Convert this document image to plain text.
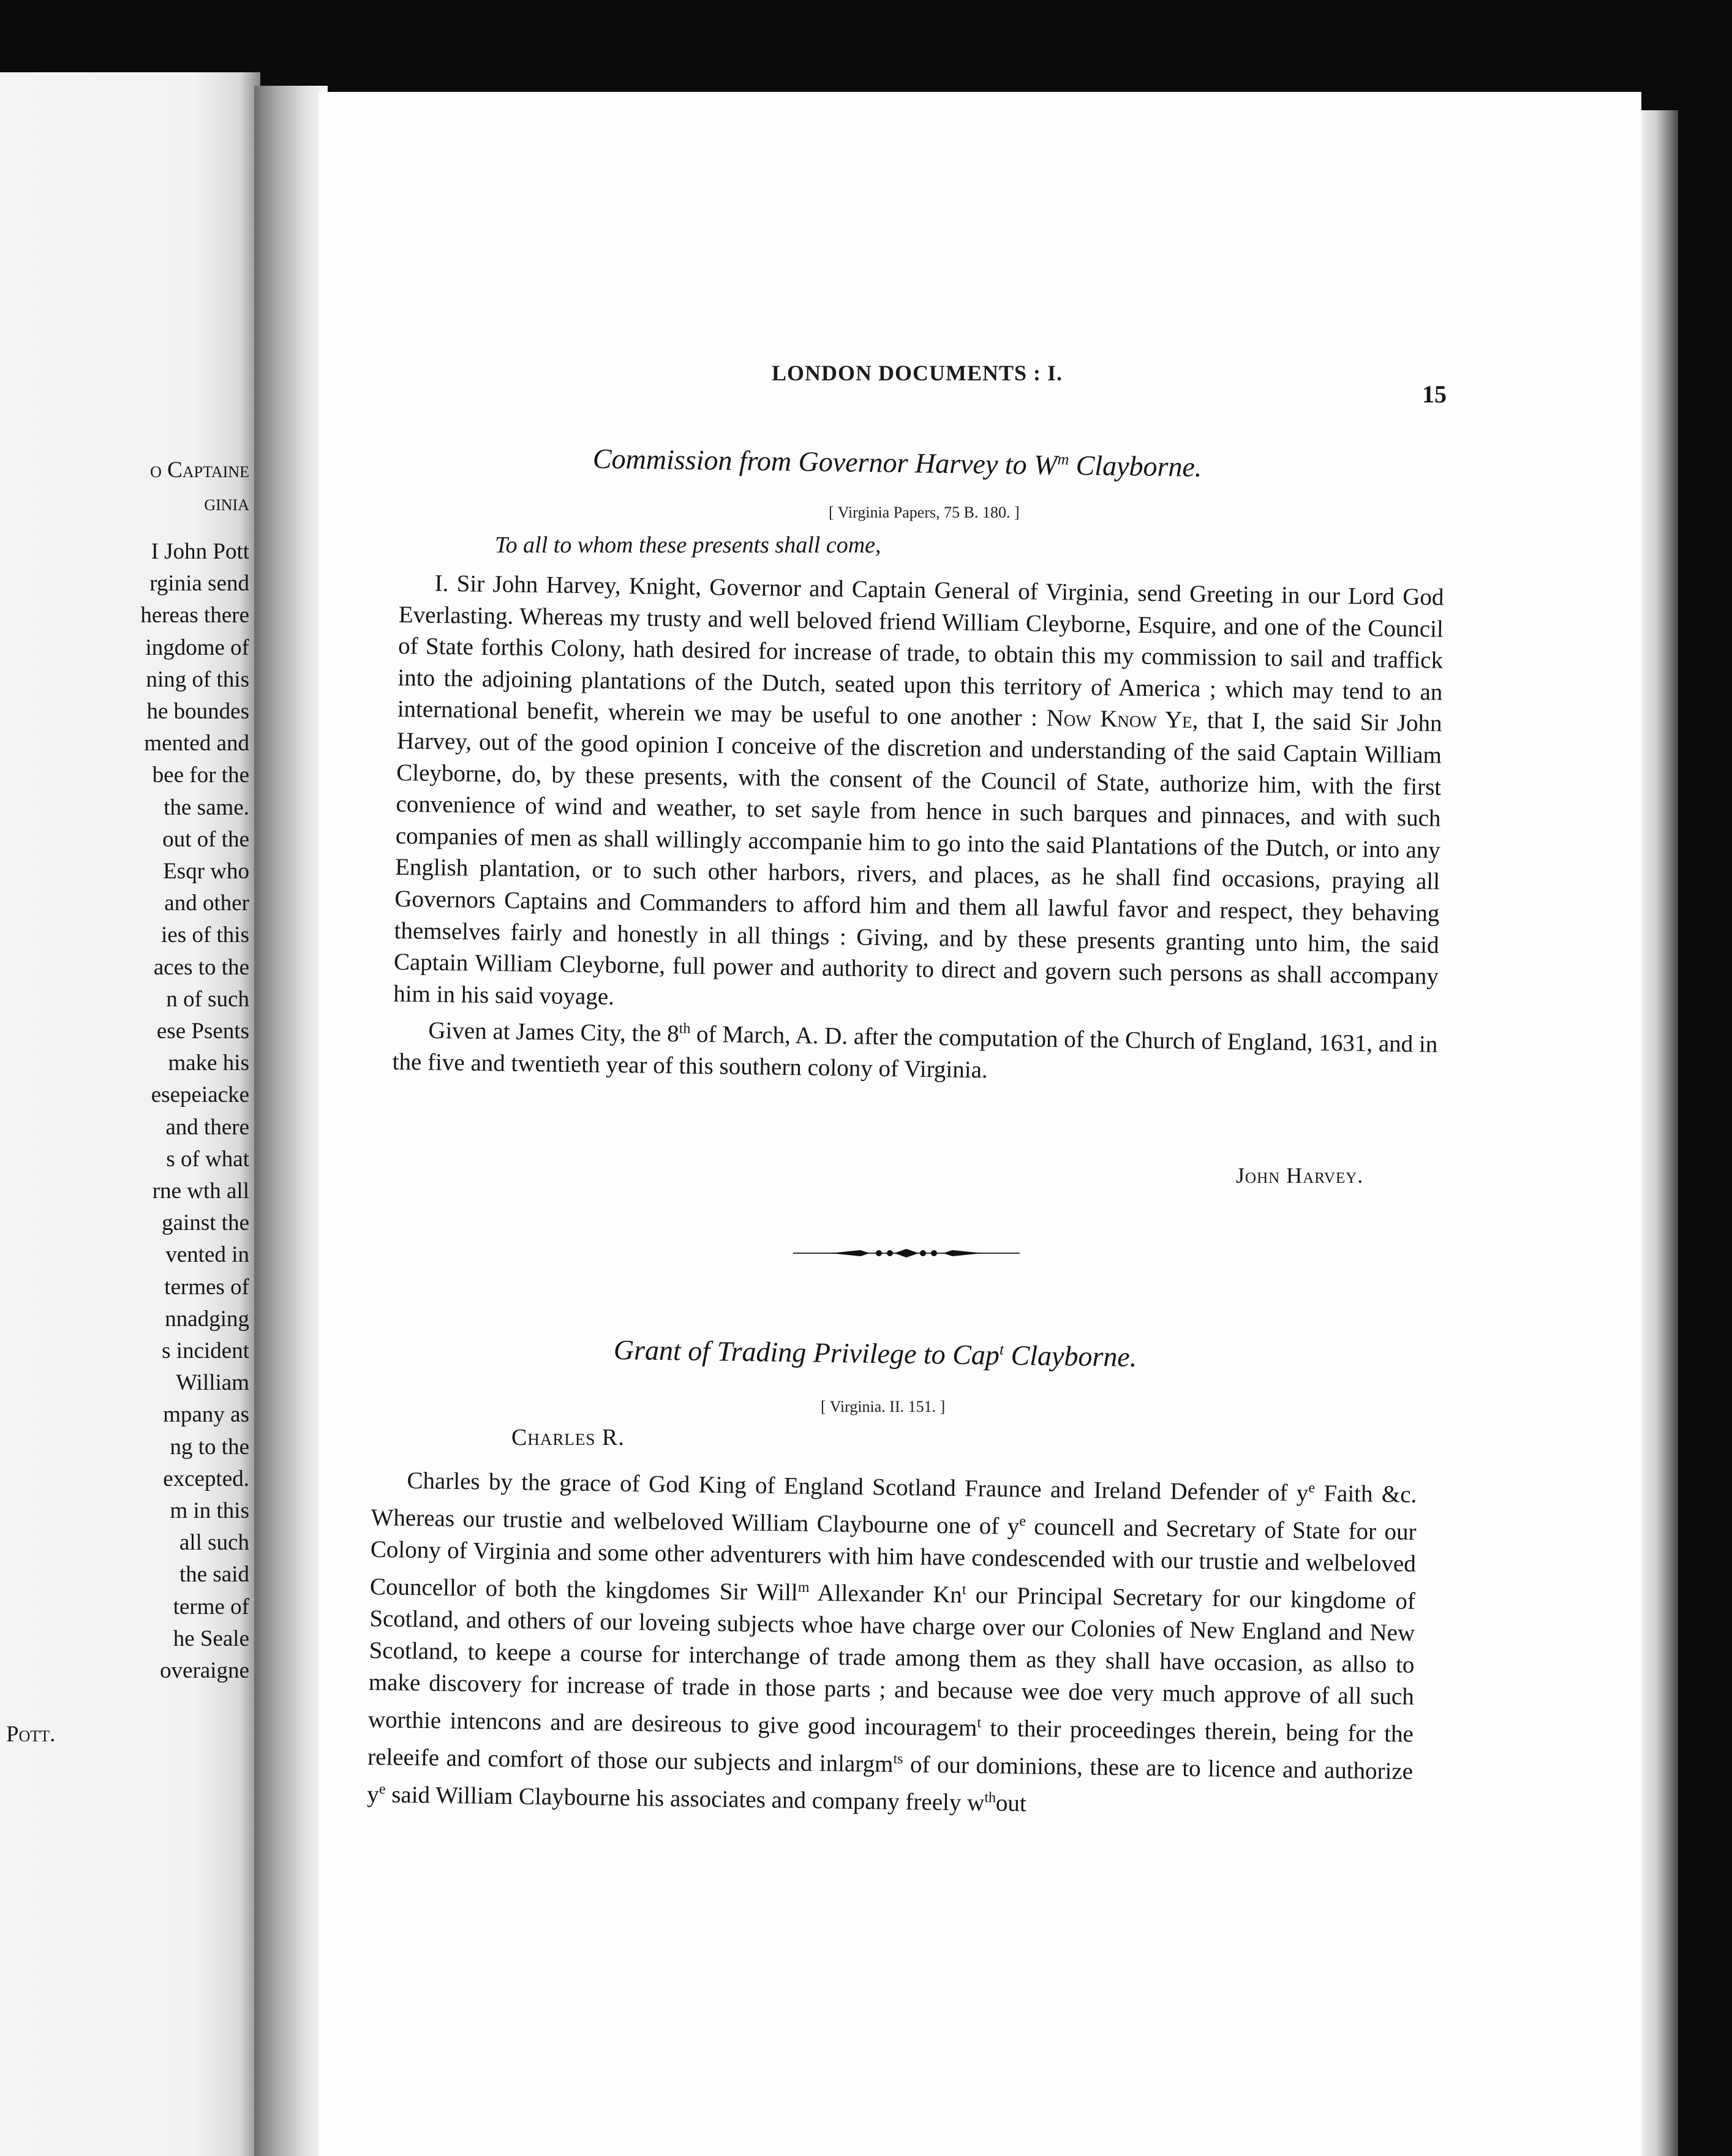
o Captaine
ginia
I John Pott
rginia send
hereas there
ingdome of
ning of this
he boundes
mented and
bee for the
the same.
out of the
Esqr who
and other
ies of this
aces to the
n of such
ese Psents
make his
esepeiacke
and there
s of what
rne wth all
gainst the
vented in
termes of
nnadging
s incident
William
mpany as
ng to the
excepted.
m in this
all such
the said
terme of
he Seale
overaigne
Pott.
LONDON DOCUMENTS : I.
15
Commission from Governor Harvey to $W^m$ Clayborne.
[ Virginia Papers, 75 B. 180. ]
To all to whom these presents shall come,

I. Sir John Harvey, Knight, Governor and Captain General of Virginia, send Greeting in our Lord God Everlasting. Whereas my trusty and well beloved friend William Cleyborne, Esquire, and one of the Council of State forthis Colony, hath desired for increase of trade, to obtain this my commission to sail and traffick into the adjoining plantations of the Dutch, seated upon this territory of America ; which may tend to an international benefit, wherein we may be useful to one another : Now Know Ye, that I, the said Sir John Harvey, out of the good opinion I conceive of the discretion and understanding of the said Captain William Cleyborne, do, by these presents, with the consent of the Council of State, authorize him, with the first convenience of wind and weather, to set sayle from hence in such barques and pinnaces, and with such companies of men as shall willingly accompanie him to go into the said Plantations of the Dutch, or into any English plantation, or to such other harbors, rivers, and places, as he shall find occasions, praying all Governors Captains and Commanders to afford him and them all lawful favor and respect, they behaving themselves fairly and honestly in all things : Giving, and by these presents granting unto him, the said Captain William Cleyborne, full power and authority to direct and govern such persons as shall accompany him in his said voyage.

Given at James City, the 8th of March, A. D. after the computation of the Church of England, 1631, and in the five and twentieth year of this southern colony of Virginia.

John Harvey.
Grant of Trading Privilege to Cap$^t$ Clayborne.
[ Virginia. II. 151. ]
Charles R.

Charles by the grace of God King of England Scotland Fraunce and Ireland Defender of $y^e$ Faith &c. Whereas our trustie and welbeloved William Claybourne one of $y^e$ councell and Secretary of State for our Colony of Virginia and some other adventurers with him have condescended with our trustie and welbeloved Councellor of both the kingdomes Sir Will$^m$ Allexander Kn$^t$ our Principal Secretary for our kingdome of Scotland, and others of our loveing subjects whoe have charge over our Colonies of New England and New Scotland, to keepe a course for interchange of trade among them as they shall have occasion, as allso to make discovery for increase of trade in those parts ; and because wee doe very much approve of all such worthie intencons and are desireous to give good incouragem$^t$ to their proceedinges therein, being for the releeife and comfort of those our subjects and inlargm$^{ts}$ of our dominions, these are to licence and authorize $y^e$ said William Claybourne his associates and company freely $w^{th}out$
